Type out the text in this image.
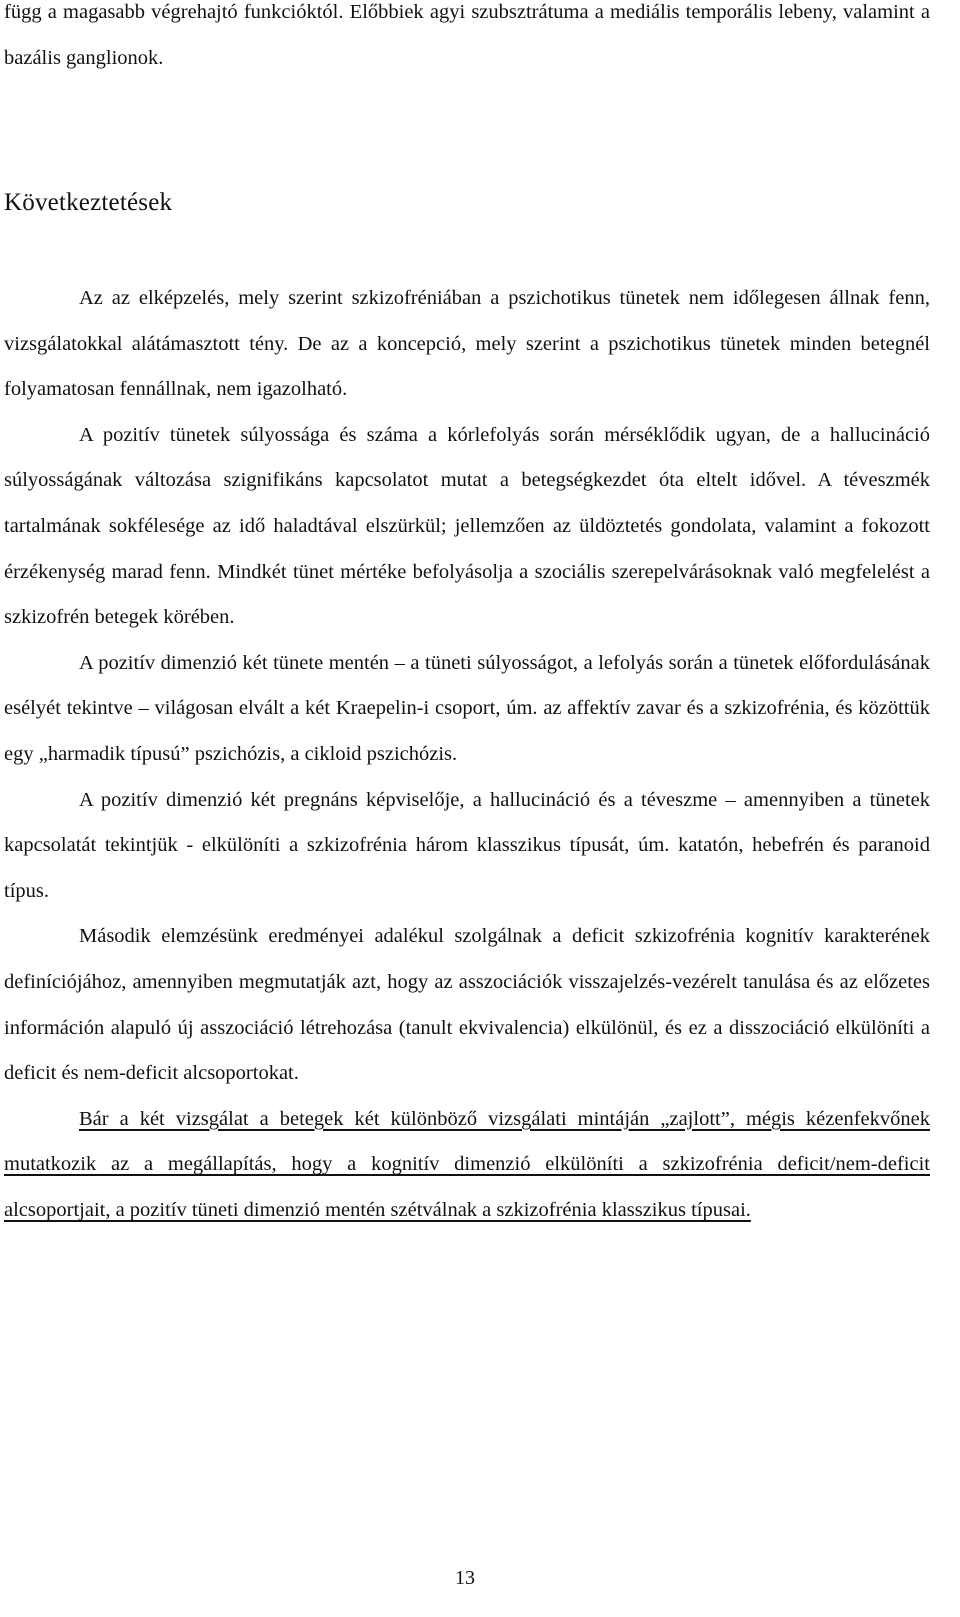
függ a magasabb végrehajtó funkcióktól. Előbbiek agyi szubsztrátuma a mediális temporális lebeny, valamint a bazális ganglionok.

Következtetések

Az az elképzelés, mely szerint szkizofréniában a pszichotikus tünetek nem időlegesen állnak fenn, vizsgálatokkal alátámasztott tény. De az a koncepció, mely szerint a pszichotikus tünetek minden betegnél folyamatosan fennállnak, nem igazolható.

A pozitív tünetek súlyossága és száma a kórlefolyás során mérséklődik ugyan, de a hallucináció súlyosságának változása szignifikáns kapcsolatot mutat a betegségkezdet óta eltelt idővel. A téveszmék tartalmának sokfélesége az idő haladtával elszürkül; jellemzően az üldöztetés gondolata, valamint a fokozott érzékenység marad fenn. Mindkét tünet mértéke befolyásolja a szociális szerepelvárásoknak való megfelelést a szkizofrén betegek körében.

A pozitív dimenzió két tünete mentén – a tüneti súlyosságot, a lefolyás során a tünetek előfordulásának esélyét tekintve – világosan elvált a két Kraepelin-i csoport, úm. az affektív zavar és a szkizofrénia, és közöttük egy „harmadik típusú” pszichózis, a cikloid pszichózis.

A pozitív dimenzió két pregnáns képviselője, a hallucináció és a téveszme – amennyiben a tünetek kapcsolatát tekintjük - elkülöníti a szkizofrénia három klasszikus típusát, úm. katatón, hebefrén és paranoid típus.

Második elemzésünk eredményei adalékul szolgálnak a deficit szkizofrénia kognitív karakterének definíciójához, amennyiben megmutatják azt, hogy az asszociációk visszajelzés-vezérelt tanulása és az előzetes információn alapuló új asszociáció létrehozása (tanult ekvivalencia) elkülönül, és ez a disszociáció elkülöníti a deficit és nem-deficit alcsoportokat.

Bár a két vizsgálat a betegek két különböző vizsgálati mintáján „zajlott”, mégis kézenfekvőnek mutatkozik az a megállapítás, hogy a kognitív dimenzió elkülöníti a szkizofrénia deficit/nem-deficit alcsoportjait, a pozitív tüneti dimenzió mentén szétválnak a szkizofrénia klasszikus típusai.

13
